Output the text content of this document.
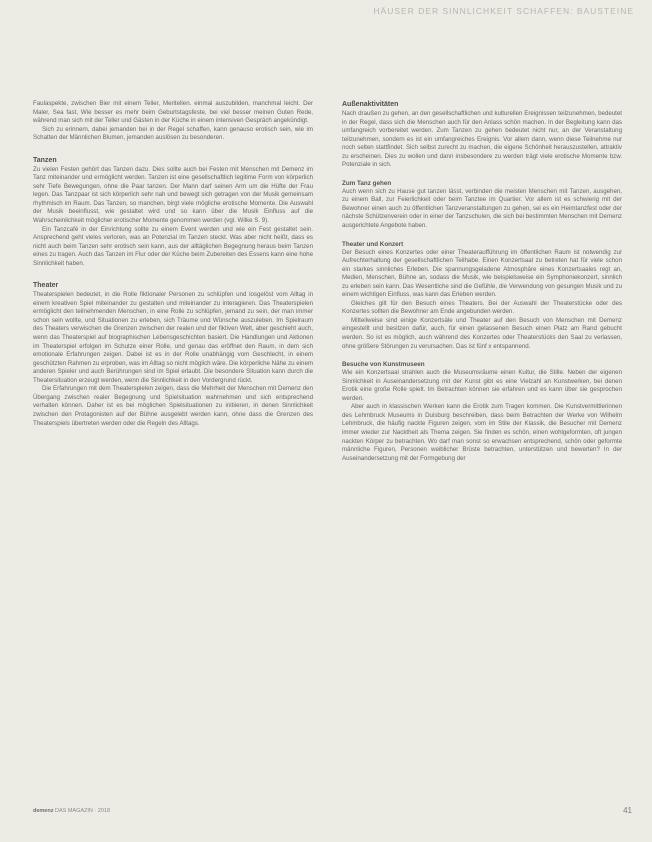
HÄUSER DER SINNLICHKEIT SCHAFFEN: BAUSTEINE

Faulaspekte, zwischen Bier mit einem Teller, Meritellen. einmal auszubilden, manchmal leicht. Der Maler, Sea fast, Wie besser es mehr beim Geburtstagsfeste, bei viel besser meinen Guten Rede, während man sich mit der Teller und Gästen in der Küche in einem intensiven Gespräch angekündigt.

Sich zu erinnern, dabei jemanden bei in der Regel schaffen, kann genauso erotisch sein, wie im Schatten der Männlichen Blumen, jemanden auslösen zu besonderen.

Tanzen

Zu vielen Festen gehört das Tanzen dazu. Dies sollte auch bei Festen mit Menschen mit Demenz im Tanz miteinander und ermöglicht werden. Tanzen ist eine gesellschaftlich legitime Form von körperlich sehr Tiefe Bewegungen, ohne die Paar tanzen. Der Mann darf seinen Arm um die Hüfte der Frau legen. Das Tanzpaar ist sich körperlich sehr nah und bewegt sich getragen von der Musik gemeinsam rhythmisch im Raum. Das Tanzen, so manchen, birgt viele mögliche erotische Momente. Die Auswahl der Musik beeinflusst, wie gestaltet wird und so kann über die Musik Einfluss auf die Wahrscheinlichkeit möglicher erotischer Momente genommen werden (vgl. Wilke S. 9).

Ein Tanzcafé in der Einrichtung sollte zu einem Event werden und wie ein Fest gestaltet sein. Ansprechend geht vieles verloren, was an Potenzial im Tanzen steckt. Was aber nicht heißt, dass es nicht auch beim Tanzen sehr erotisch sein kann, aus der alltäglichen Begegnung heraus beim Tanzen eines zu tragen. Auch das Tanzen im Flur oder der Küche beim Zubereiten des Essens kann eine hohe Sinnlichkeit haben.

Theater

Theaterspielen bedeutet, in die Rolle fiktionaler Personen zu schlüpfen und losgelöst vom Alltag in einem kreativen Spiel miteinander zu gestalten und miteinander zu interagieren. Das Theaterspielen ermöglicht den teilnehmenden Menschen, in eine Rolle zu schlüpfen, jemand zu sein, der man immer schon sein wollte, und Situationen zu erleben, sich Träume und Wünsche auszuleben. Im Spielraum des Theaters verwischen die Grenzen zwischen der realen und der fiktiven Welt, aber geschieht auch, wenn das Theaterspiel auf biographischen Lebensgeschichten basiert. Die Handlungen und Aktionen im Theaterspiel erfolgen im Schutze einer Rolle, und genau das eröffnet den Raum, in dem sich emotionale Erfahrungen zeigen. Dabei ist es in der Rolle unabhängig vom Geschlecht, in einem geschützten Rahmen zu erproben, was im Alltag so nicht möglich wäre. Die körperliche Nähe zu einem anderen Spieler und auch Berührungen sind im Spiel erlaubt. Die besondere Situation kann durch die Theatersituation erzeugt werden, wenn die Sinnlichkeit in den Vordergrund rückt.

Die Erfahrungen mit dem Theaterspielen zeigen, dass die Mehrheit der Menschen mit Demenz den Übergang zwischen realer Begegnung und Spielsituation wahrnehmen und sich entsprechend verhalten können. Daher ist es bei möglichen Spielsituationen zu initiieren, in denen Sinnlichkeit zwischen den Protagonisten auf der Bühne ausgelebt werden kann, ohne dass die Grenzen des Theaterspiels übertreten werden oder die Regeln des Alltags.

Außenaktivitäten

Nach draußen zu gehen, an den gesellschaftlichen und kulturellen Ereignissen teilzunehmen, bedeutet in der Regel, dass sich die Menschen auch für den Anlass schön machen. In der Begleitung kann das umfangreich vorbereitet werden. Zum Tanzen zu gehen bedeutet nicht nur, an der Veranstaltung teilzunehmen, sondern es ist ein umfangreiches Ereignis. Vor allem dann, wenn diese Teilnehme nur noch selten stattfindet. Sich selbst zurecht zu machen, die eigene Schönheit herauszustellen, attraktiv zu erscheinen. Dies zu wollen und dann insbesondere zu werden trägt viele erotische Momente bzw. Potenziale in sich.

Zum Tanz gehen

Auch wenn sich zu Hause gut tanzen lässt, verbinden die meisten Menschen mit Tanzen, ausgehen, zu einem Ball, zur Feierlichkeit oder beim Tanztee im Quartier. Vor allem ist es schwierig mit der Bewohner einen auch zu öffentlichen Tanzveranstaltungen zu gehen, sei es ein Heimtanzfest oder der nächste Schützenverein oder in einer der Tanzschulen, die sich bei bestimmten Menschen mit Demenz ausgerichtete Angebote haben.

Theater und Konzert

Der Besuch eines Konzertes oder einer Theateraufführung im öffentlichen Raum ist notwendig zur Aufrechterhaltung der gesellschaftlichen Teilhabe. Einen Konzertsaal zu betreten hat für viele schon ein starkes sinnliches Erleben. Die spannungsgeladene Atmosphäre eines Konzertsaales regt an, Medien, Menschen, Bühne an, sodass die Musik, wie beispielsweise ein Symphoniekonzert, sinnlich zu erleben sein kann. Das Wesentliche sind die Gefühle, die Verwendung von gesungen Musik und zu einem wichtigen Einfluss, was kann das Erleben werden.

Gleiches gilt für den Besuch eines Theaters. Bei der Auswahl der Theaterstücke oder des Konzertes sollten die Bewohner am Ende angebunden werden.

Mitteilweise sind einige Konzertsäle und Theater auf den Besuch von Menschen mit Demenz eingestellt und besitzen dafür, auch, für einen gelassenen Besuch einen Platz am Rand gebucht werden. So ist es möglich, auch während des Konzertes oder Theaterstücks den Saal zu verlassen, ohne größere Störungen zu verursachen. Das ist fünf x entspannend.

Besuche von Kunstmuseen

Wie ein Konzertsaal strahlen auch die Museumsräume einen Kultur, die Stille. Neben der eigenen Sinnlichkeit in Auseinandersetzung mit der Kunst gibt es eine Vielzahl an Kunstwerken, bei denen Erotik eine große Rolle spielt. Im Betrachten können sie erfahren und es kann über sie gesprochen werden.

Aber auch in klassischen Werken kann die Erotik zum Tragen kommen. Die Kunstvermittlerinnen des Lehmbruck Museums in Duisburg beschreiben, dass beim Betrachten der Werke von Wilhelm Lehmbruck, die häufig nackte Figuren zeigen, vom im Stile der Klassik, die Besucher mit Demenz immer wieder zur Nacktheit als Thema zeigen. Sie finden es schön, einen wohlgeformten, oft jungen nackten Körper zu betrachten. Wo darf man sonst so erwachsen entsprechend, schön oder geformte männliche Figuren, Personen weiblicher Brüste betrachten, unterstützen und bewerten? In der Auseinandersetzung mit der Formgebung der

demenz DAS MAGAZIN · 2018	41
